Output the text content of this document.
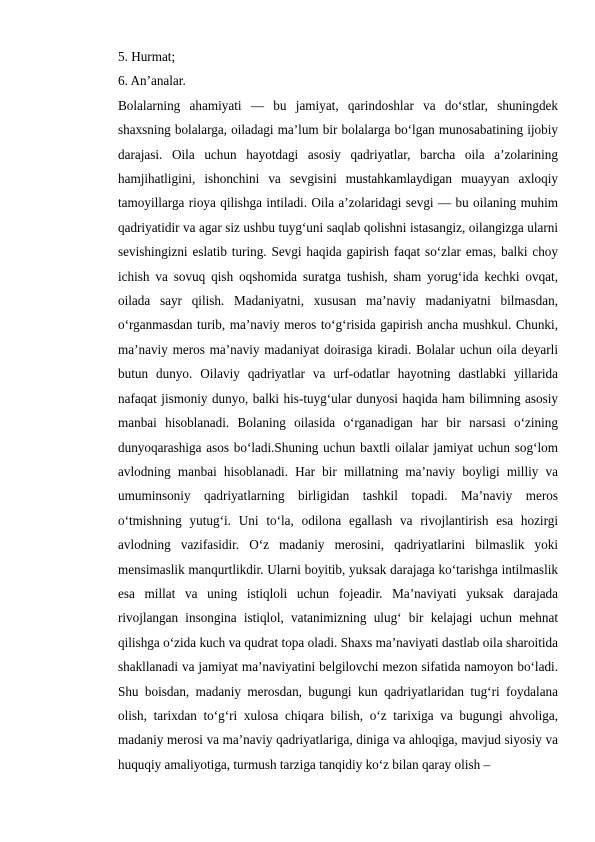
5. Hurmat;

6. An’analar.

Bolalarning ahamiyati — bu jamiyat, qarindoshlar va do‘stlar, shuningdek shaxsning bolalarga, oiladagi ma’lum bir bolalarga bo‘lgan munosabatining ijobiy darajasi. Oila uchun hayotdagi asosiy qadriyatlar, barcha oila a’zolarining hamjihatligini, ishonchini va sevgisini mustahkamlaydigan muayyan axloqiy tamoyillarga rioya qilishga intiladi. Oila a’zolaridagi sevgi — bu oilaning muhim qadriyatidir va agar siz ushbu tuyg‘uni saqlab qolishni istasangiz, oilangizga ularni sevishingizni eslatib turing. Sevgi haqida gapirish faqat so‘zlar emas, balki choy ichish va sovuq qish oqshomida suratga tushish, sham yorug‘ida kechki ovqat, oilada sayr qilish. Madaniyatni, xususan ma’naviy madaniyatni bilmasdan, o‘rganmasdan turib, ma’naviy meros to‘g‘risida gapirish ancha mushkul. Chunki, ma’naviy meros ma’naviy madaniyat doirasiga kiradi. Bolalar uchun oila deyarli butun dunyo. Oilaviy qadriyatlar va urf-odatlar hayotning dastlabki yillarida nafaqat jismoniy dunyo, balki his-tuyg‘ular dunyosi haqida ham bilimning asosiy manbai hisoblanadi. Bolaning oilasida o‘rganadigan har bir narsasi o‘zining dunyoqarashiga asos bo‘ladi.Shuning uchun baxtli oilalar jamiyat uchun sog‘lom avlodning manbai hisoblanadi. Har bir millatning ma’naviy boyligi milliy va umuminsoniy qadriyatlarning birligidan tashkil topadi. Ma’naviy meros o‘tmishning yutug‘i. Uni to‘la, odilona egallash va rivojlantirish esa hozirgi avlodning vazifasidir. O‘z madaniy merosini, qadriyatlarini bilmaslik yoki mensimaslik manqurtlikdir. Ularni boyitib, yuksak darajaga ko‘tarishga intilmaslik esa millat va uning istiqloli uchun fojeadir. Ma’naviyati yuksak darajada rivojlangan insongina istiqlol, vatanimizning ulug‘ bir kelajagi uchun mehnat qilishga o‘zida kuch va qudrat topa oladi. Shaxs ma’naviyati dastlab oila sharoitida shakllanadi va jamiyat ma’naviyatini belgilovchi mezon sifatida namoyon bo‘ladi. Shu boisdan, madaniy merosdan, bugungi kun qadriyatlaridan tug‘ri foydalana olish, tarixdan to‘g‘ri xulosa chiqara bilish, o‘z tarixiga va bugungi ahvoliga, madaniy merosi va ma’naviy qadriyatlariga, diniga va ahloqiga, mavjud siyosiy va huquqiy amaliyotiga, turmush tarziga tanqidiy ko‘z bilan qaray olish –
